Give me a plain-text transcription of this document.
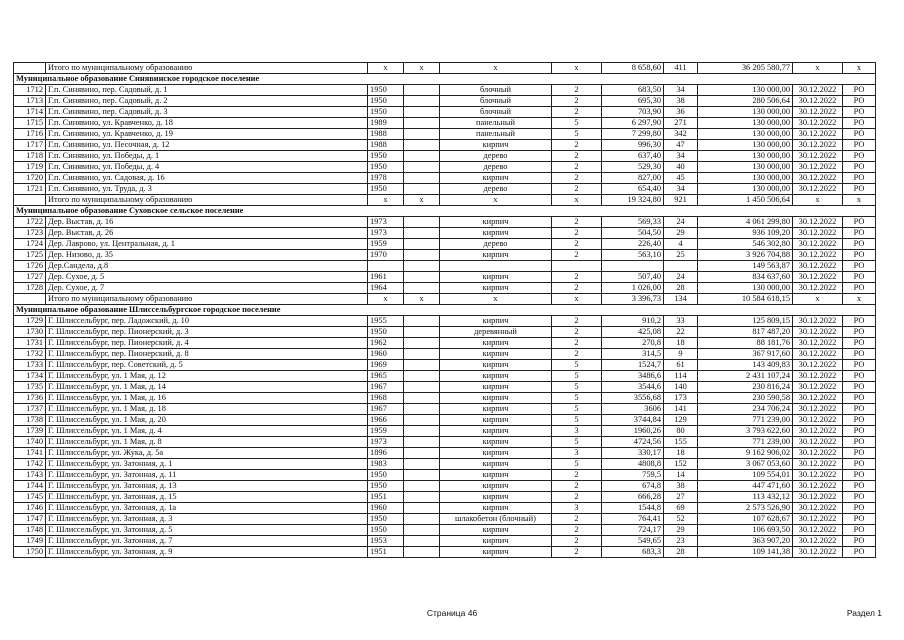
	Итого по муниципальному образованию	x	x	x	x	8 658,60	411	36 205 580,77	x	x
Муниципальное образование Синявинское городское поселение										
1712	Г.п. Синявино, пер. Садовый, д. 1	1950		блочный	2	683,50	34	130 000,00	30.12.2022	РО
1713	Г.п. Синявино, пер. Садовый, д. 2	1950		блочный	2	695,30	38	280 506,64	30.12.2022	РО
1714	Г.п. Синявино, пер. Садовый, д. 3	1950		блочный	2	703,90	36	130 000,00	30.12.2022	РО
1715	Г.п. Синявино, ул. Кравченко, д. 18	1989		панельный	5	6 297,90	271	130 000,00	30.12.2022	РО
1716	Г.п. Синявино, ул. Кравченко, д. 19	1988		панельный	5	7 299,80	342	130 000,00	30.12.2022	РО
1717	Г.п. Синявино, ул. Песочная, д. 12	1988		кирпич	2	996,30	47	130 000,00	30.12.2022	РО
1718	Г.п. Синявино, ул. Победы, д. 1	1950		дерево	2	637,40	34	130 000,00	30.12.2022	РО
1719	Г.п. Синявино, ул. Победы, д. 4	1950		дерево	2	529,30	40	130 000,00	30.12.2022	РО
1720	Г.п. Синявино, ул. Садовая, д. 16	1978		кирпич	2	827,00	45	130 000,00	30.12.2022	РО
1721	Г.п. Синявино, ул. Труда, д. 3	1950		дерево	2	654,40	34	130 000,00	30.12.2022	РО
	Итого по муниципальному образованию	x	x	x	x	19 324,80	921	1 450 506,64	x	x
Муниципальное образование Суховское сельское поселение										
1722	Дер. Выстав, д. 16	1973		кирпич	2	569,33	24	4 061 299,80	30.12.2022	РО
1723	Дер. Выстав, д. 26	1973		кирпич	2	504,50	29	936 109,20	30.12.2022	РО
1724	Дер. Лаврово, ул. Центральная, д. 1	1959		дерево	2	226,40	4	546 302,80	30.12.2022	РО
1725	Дер. Низово, д. 35	1970		кирпич	2	563,10	25	3 926 704,88	30.12.2022	РО
1726	Дер.Сандела, д.8							149 563,87	30.12.2022	РО
1727	Дер. Сухое, д. 5	1961		кирпич	2	507,40	24	834 637,60	30.12.2022	РО
1728	Дер. Сухое, д. 7	1964		кирпич	2	1 026,00	28	130 000,00	30.12.2022	РО
	Итого по муниципальному образованию	x	x	x	x	3 396,73	134	10 584 618,15	x	x
Муниципальное образование Шлиссельбургское городское поселение										
1729	Г. Шлиссельбург, пер. Ладожский, д. 10	1955		кирпич	2	910,2	33	125 809,15	30.12.2022	РО
1730	Г. Шлиссельбург, пер. Пионерский, д. 3	1950		деревянный	2	425,08	22	817 487,20	30.12.2022	РО
1731	Г. Шлиссельбург, пер. Пионерский, д. 4	1962		кирпич	2	270,8	18	88 181,76	30.12.2022	РО
1732	Г. Шлиссельбург, пер. Пионерский, д. 8	1960		кирпич	2	314,5	9	367 917,60	30.12.2022	РО
1733	Г. Шлиссельбург, пер. Советский, д. 5	1969		кирпич	5	1524,7	61	143 409,83	30.12.2022	РО
1734	Г. Шлиссельбург, ул. 1 Мая, д. 12	1965		кирпич	5	3486,6	114	2 431 107,24	30.12.2022	РО
1735	Г. Шлиссельбург, ул. 1 Мая, д. 14	1967		кирпич	5	3544,6	140	230 816,24	30.12.2022	РО
1736	Г. Шлиссельбург, ул. 1 Мая, д. 16	1968		кирпич	5	3556,68	173	230 590,58	30.12.2022	РО
1737	Г. Шлиссельбург, ул. 1 Мая, д. 18	1967		кирпич	5	3606	141	234 706,24	30.12.2022	РО
1738	Г. Шлиссельбург, ул. 1 Мая, д. 20	1966		кирпич	5	3744,84	129	771 239,00	30.12.2022	РО
1739	Г. Шлиссельбург, ул. 1 Мая, д. 4	1959		кирпич	3	1960,26	80	3 793 622,60	30.12.2022	РО
1740	Г. Шлиссельбург, ул. 1 Мая, д. 8	1973		кирпич	5	4724,56	155	771 239,00	30.12.2022	РО
1741	Г. Шлиссельбург, ул. Жука, д. 5а	1896		кирпич	3	330,17	18	9 162 906,02	30.12.2022	РО
1742	Г. Шлиссельбург, ул. Затонная, д. 1	1983		кирпич	5	4808,8	152	3 067 053,60	30.12.2022	РО
1743	Г. Шлиссельбург, ул. Затонная, д. 11	1950		кирпич	2	759,5	14	109 554,01	30.12.2022	РО
1744	Г. Шлиссельбург, ул. Затонная, д. 13	1950		кирпич	2	674,8	38	447 471,60	30.12.2022	РО
1745	Г. Шлиссельбург, ул. Затонная, д. 15	1951		кирпич	2	666,28	27	113 432,12	30.12.2022	РО
1746	Г. Шлиссельбург, ул. Затонная, д. 1а	1960		кирпич	3	1544,8	69	2 573 526,90	30.12.2022	РО
1747	Г. Шлиссельбург, ул. Затонная, д. 3	1950		шлакобетон (блочный)	2	764,41	52	107 628,67	30.12.2022	РО
1748	Г. Шлиссельбург, ул. Затонная, д. 5	1950		кирпич	2	724,17	29	106 693,50	30.12.2022	РО
1749	Г. Шлиссельбург, ул. Затонная, д. 7	1953		кирпич	2	549,65	23	363 907,20	30.12.2022	РО
1750	Г. Шлиссельбург, ул. Затонная, д. 9	1951		кирпич	2	683,3	28	109 141,38	30.12.2022	РО
Страница 46	Раздел 1
